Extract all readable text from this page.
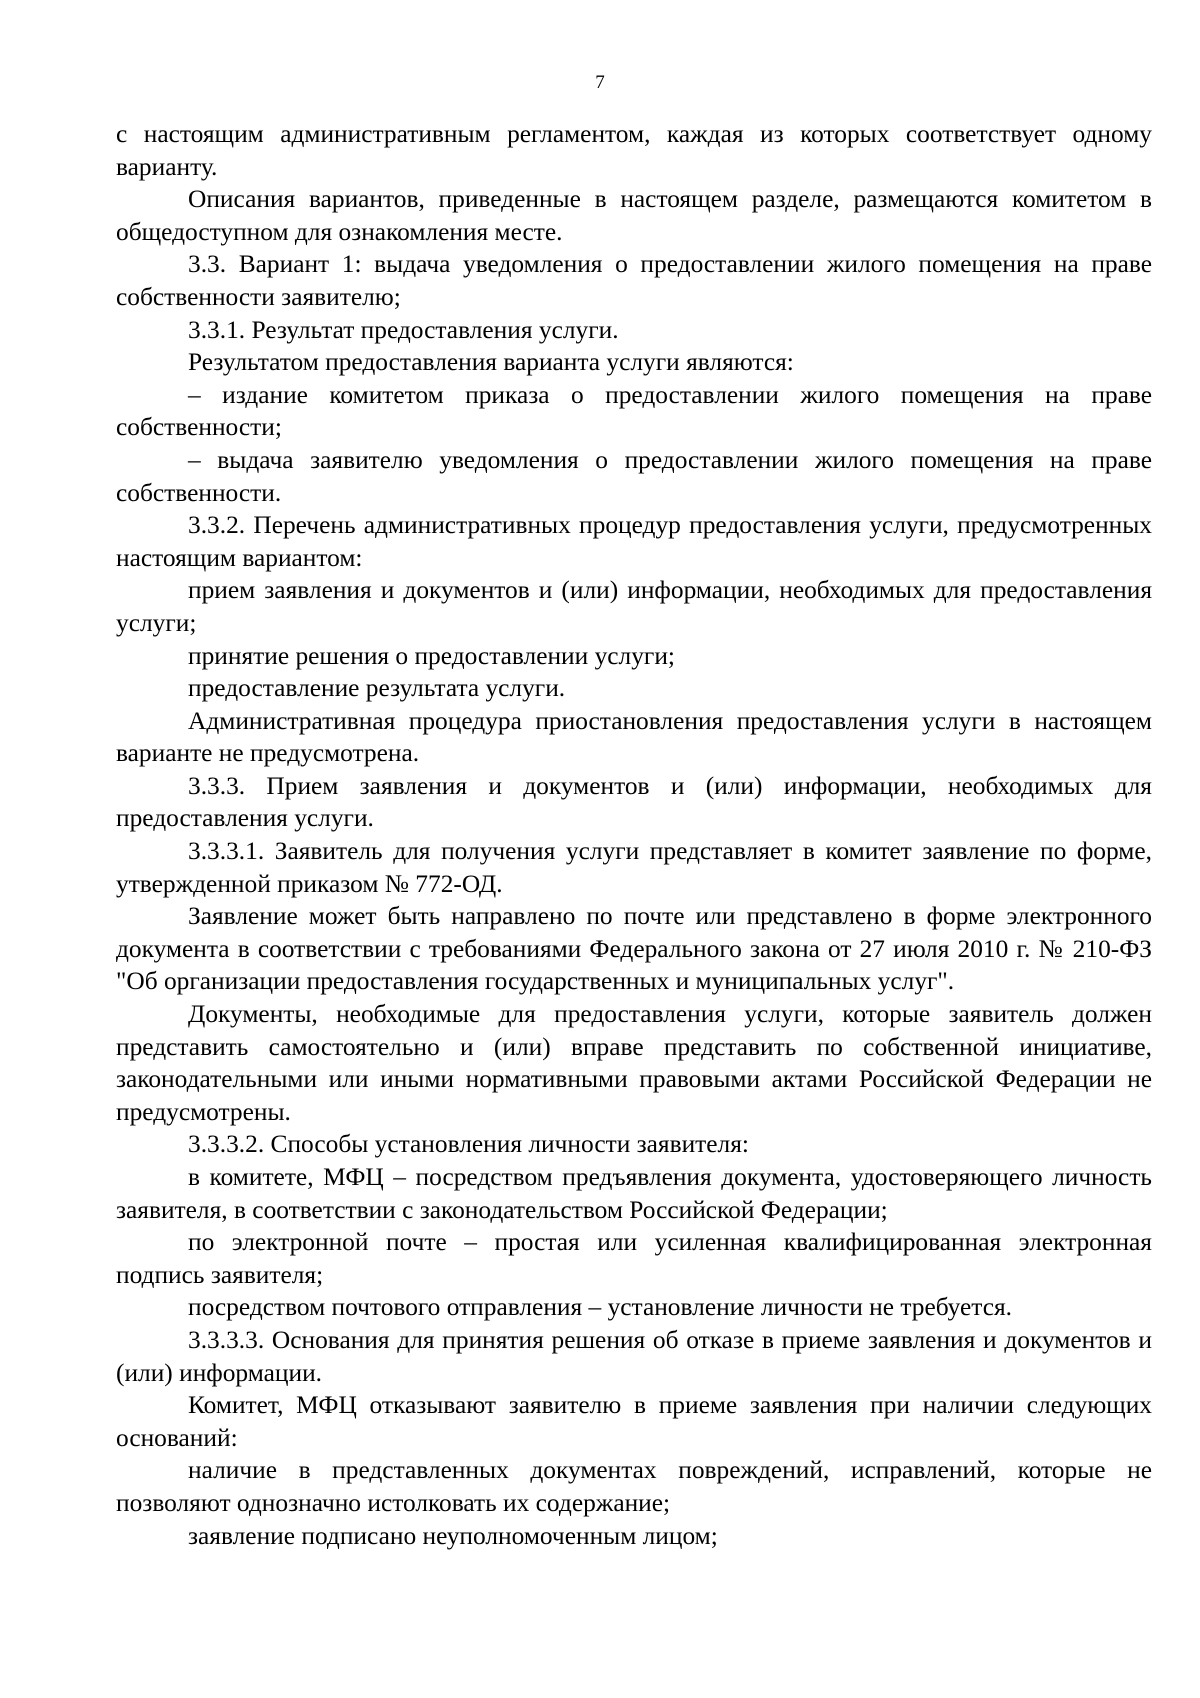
7

с настоящим административным регламентом, каждая из которых соответствует одному варианту.

Описания вариантов, приведенные в настоящем разделе, размещаются комитетом в общедоступном для ознакомления месте.

3.3. Вариант 1: выдача уведомления о предоставлении жилого помещения на праве собственности заявителю;

3.3.1. Результат предоставления услуги.

Результатом предоставления варианта услуги являются:

– издание комитетом приказа о предоставлении жилого помещения на праве собственности;

– выдача заявителю уведомления о предоставлении жилого помещения на праве собственности.

3.3.2. Перечень административных процедур предоставления услуги, предусмотренных настоящим вариантом:

прием заявления и документов и (или) информации, необходимых для предоставления услуги;

принятие решения о предоставлении услуги;

предоставление результата услуги.

Административная процедура приостановления предоставления услуги в настоящем варианте не предусмотрена.

3.3.3. Прием заявления и документов и (или) информации, необходимых для предоставления услуги.

3.3.3.1. Заявитель для получения услуги представляет в комитет заявление по форме, утвержденной приказом № 772-ОД.

Заявление может быть направлено по почте или представлено в форме электронного документа в соответствии с требованиями Федерального закона от 27 июля 2010 г. № 210-ФЗ "Об организации предоставления государственных и муниципальных услуг".

Документы, необходимые для предоставления услуги, которые заявитель должен представить самостоятельно и (или) вправе представить по собственной инициативе, законодательными или иными нормативными правовыми актами Российской Федерации не предусмотрены.

3.3.3.2. Способы установления личности заявителя:

в комитете, МФЦ – посредством предъявления документа, удостоверяющего личность заявителя, в соответствии с законодательством Российской Федерации;

по электронной почте – простая или усиленная квалифицированная электронная подпись заявителя;

посредством почтового отправления – установление личности не требуется.

3.3.3.3. Основания для принятия решения об отказе в приеме заявления и документов и (или) информации.

Комитет, МФЦ отказывают заявителю в приеме заявления при наличии следующих оснований:

наличие в представленных документах повреждений, исправлений, которые не позволяют однозначно истолковать их содержание;

заявление подписано неуполномоченным лицом;
